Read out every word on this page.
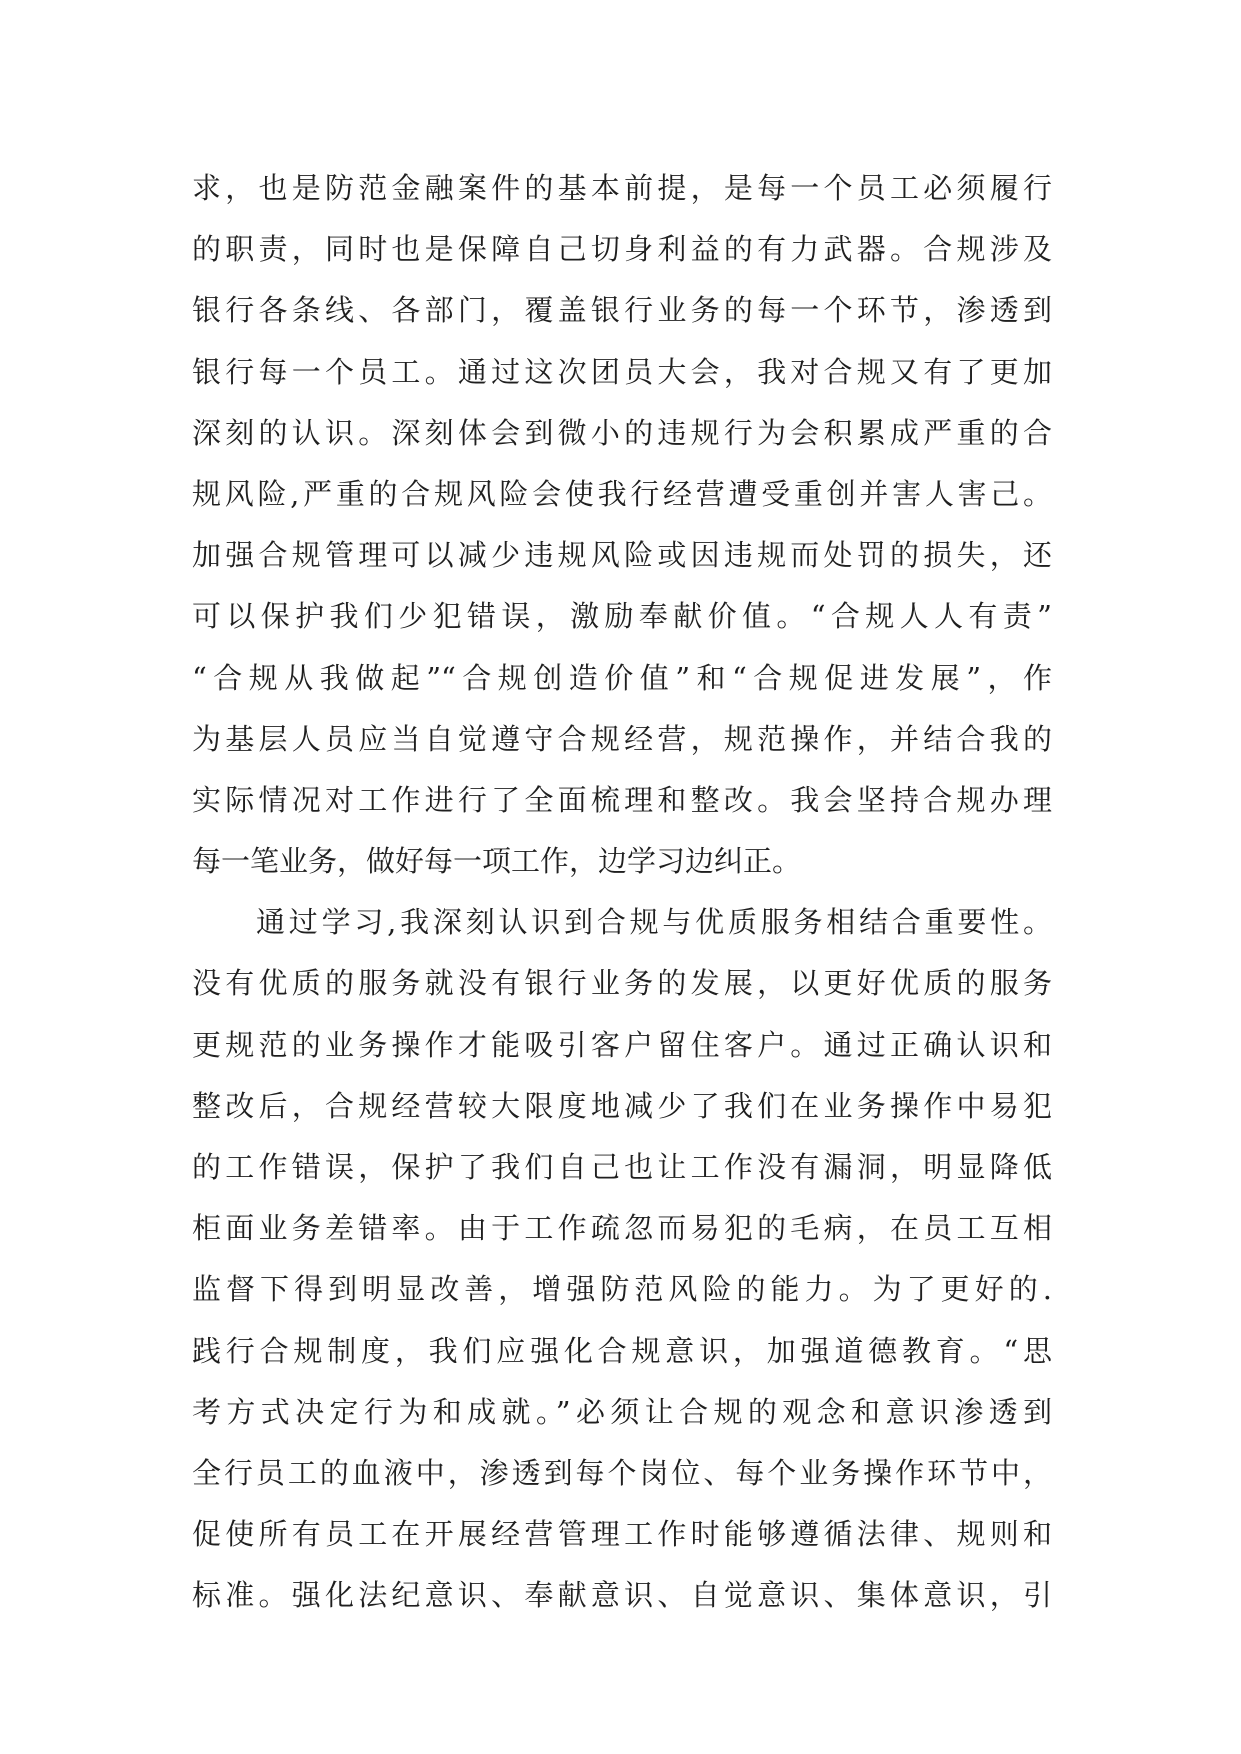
求，也是防范金融案件的基本前提，是每一个员工必须履行
的职责，同时也是保障自己切身利益的有力武器。合规涉及
银行各条线、各部门，覆盖银行业务的每一个环节，渗透到
银行每一个员工。通过这次团员大会，我对合规又有了更加
深刻的认识。深刻体会到微小的违规行为会积累成严重的合
规风险,严重的合规风险会使我行经营遭受重创并害人害己。
加强合规管理可以减少违规风险或因违规而处罚的损失，还
可以保护我们少犯错误，激励奉献价值。“合规人人有责”
“合规从我做起”“合规创造价值”和“合规促进发展”，作
为基层人员应当自觉遵守合规经营，规范操作，并结合我的
实际情况对工作进行了全面梳理和整改。我会坚持合规办理
每一笔业务，做好每一项工作，边学习边纠正。
通过学习,我深刻认识到合规与优质服务相结合重要性。
没有优质的服务就没有银行业务的发展，以更好优质的服务
更规范的业务操作才能吸引客户留住客户。通过正确认识和
整改后，合规经营较大限度地减少了我们在业务操作中易犯
的工作错误，保护了我们自己也让工作没有漏洞，明显降低
柜面业务差错率。由于工作疏忽而易犯的毛病，在员工互相
监督下得到明显改善，增强防范风险的能力。为了更好的.
践行合规制度，我们应强化合规意识，加强道德教育。“思
考方式决定行为和成就。”必须让合规的观念和意识渗透到
全行员工的血液中，渗透到每个岗位、每个业务操作环节中，
促使所有员工在开展经营管理工作时能够遵循法律、规则和
标准。强化法纪意识、奉献意识、自觉意识、集体意识，引
